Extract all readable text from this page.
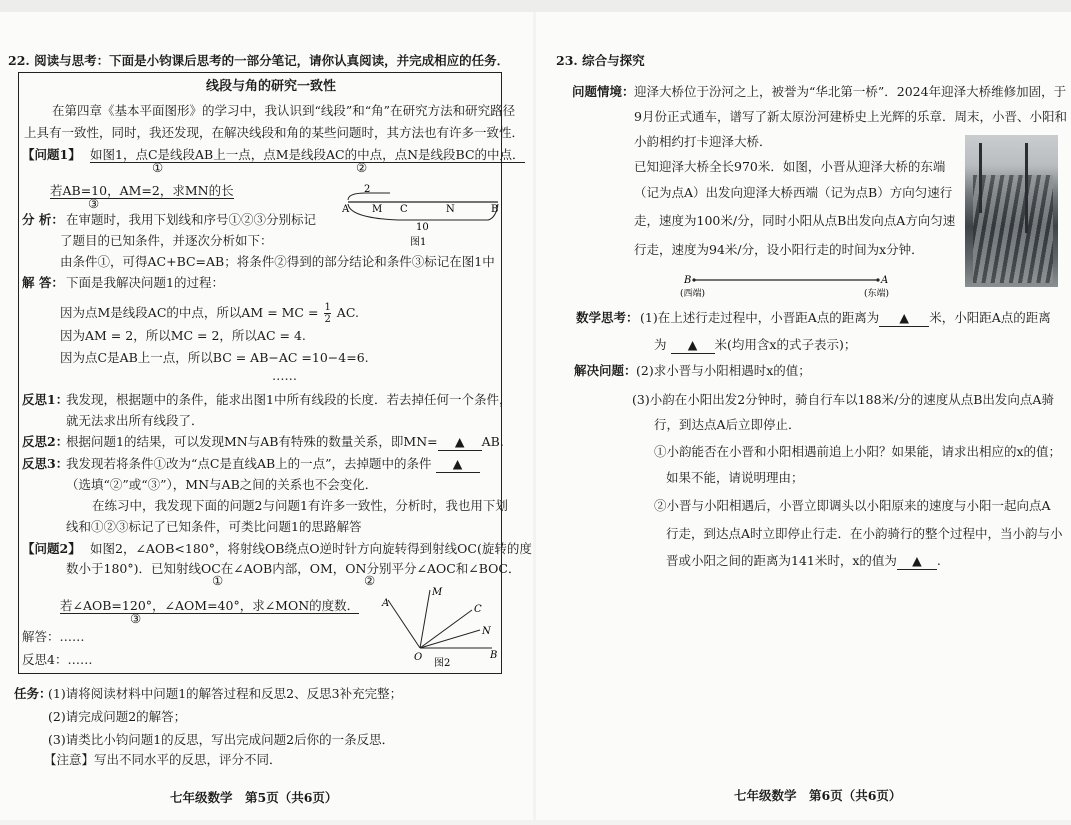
22. 阅读与思考：下面是小钧课后思考的一部分笔记，请你认真阅读，并完成相应的任务．
线段与角的研究一致性
在第四章《基本平面图形》的学习中，我认识到“线段”和“角”在研究方法和研究路径
上具有一致性，同时，我还发现，在解决线段和角的某些问题时，其方法也有许多一致性．
【问题1】 如图1，点C是线段AB上一点，点M是线段AC的中点，点N是线段BC的中点．
①	②
若AB=10，AM=2，求MN的长
③
分 析： 在审题时，我用下划线和序号①②③分别标记
了题目的已知条件，并逐次分析如下：
由条件①，可得AC+BC=AB；将条件②得到的部分结论和条件③标记在图1中
A M C	N	B
2
10
图1
解 答： 下面是我解决问题1的过程：
因为点M是线段AC的中点，所以AM = MC = $\frac{1}{2}$ AC.
因为AM = 2，所以MC = 2，所以AC = 4.
因为点C是AB上一点，所以BC = AB−AC =10−4=6.
……
反思1：
我发现，根据题中的条件，能求出图1中所有线段的长度．若去掉任何一个条件，
就无法求出所有线段了．
反思2：
根据问题1的结果，可以发现MN与AB有特殊的数量关系，即MN= ▲ AB.
反思3：
我发现若将条件①改为“点C是直线AB上的一点”，去掉题中的条件 ▲
（选填“②”或“③”），MN与AB之间的关系也不会变化．
在练习中，我发现下面的问题2与问题1有许多一致性，分析时，我也用下划
线和①②③标记了已知条件，可类比问题1的思路解答
【问题2】 如图2，∠AOB<180°，将射线OB绕点O逆时针方向旋转得到射线OC(旋转的度
数小于180°)．已知射线OC在∠AOB内部，OM，ON分别平分∠AOC和∠BOC．
①	②
若∠AOB=120°，∠AOM=40°，求∠MON的度数．
③
解答：……
反思4：……
A
M
C
N
B
O
图2
任务：
(1)请将阅读材料中问题1的解答过程和反思2、反思3补充完整；
(2)请完成问题2的解答；
(3)请类比小钧问题1的反思，写出完成问题2后你的一条反思．
【注意】写出不同水平的反思，评分不同．
七年级数学　第5页（共6页）
23. 综合与探究
问题情境： 迎泽大桥位于汾河之上，被誉为“华北第一桥”．2024年迎泽大桥维修加固，于
9月份正式通车，谱写了新太原汾河建桥史上光辉的乐章．周末，小晋、小阳和
小韵相约打卡迎泽大桥．
已知迎泽大桥全长970米．如图，小晋从迎泽大桥的东端
（记为点A）出发向迎泽大桥西端（记为点B）方向匀速行
走，速度为100米/分，同时小阳从点B出发向点A方向匀速
行走，速度为94米/分，设小阳行走的时间为x分钟．
B	A
(西端)	(东端)
数学思考： (1)在上述行走过程中，小晋距A点的距离为 ▲ 米，小阳距A点的距离
为 ▲ 米(均用含x的式子表示)；
解决问题： (2)求小晋与小阳相遇时x的值；
(3)小韵在小阳出发2分钟时，骑自行车以188米/分的速度从点B出发向点A骑
行，到达点A后立即停止．
①小韵能否在小晋和小阳相遇前追上小阳？如果能，请求出相应的x的值；
如果不能，请说明理由；
②小晋与小阳相遇后，小晋立即调头以小阳原来的速度与小阳一起向点A
行走，到达点A时立即停止行走．在小韵骑行的整个过程中，当小韵与小
晋或小阳之间的距离为141米时，x的值为 ▲ .
七年级数学　第6页（共6页）
